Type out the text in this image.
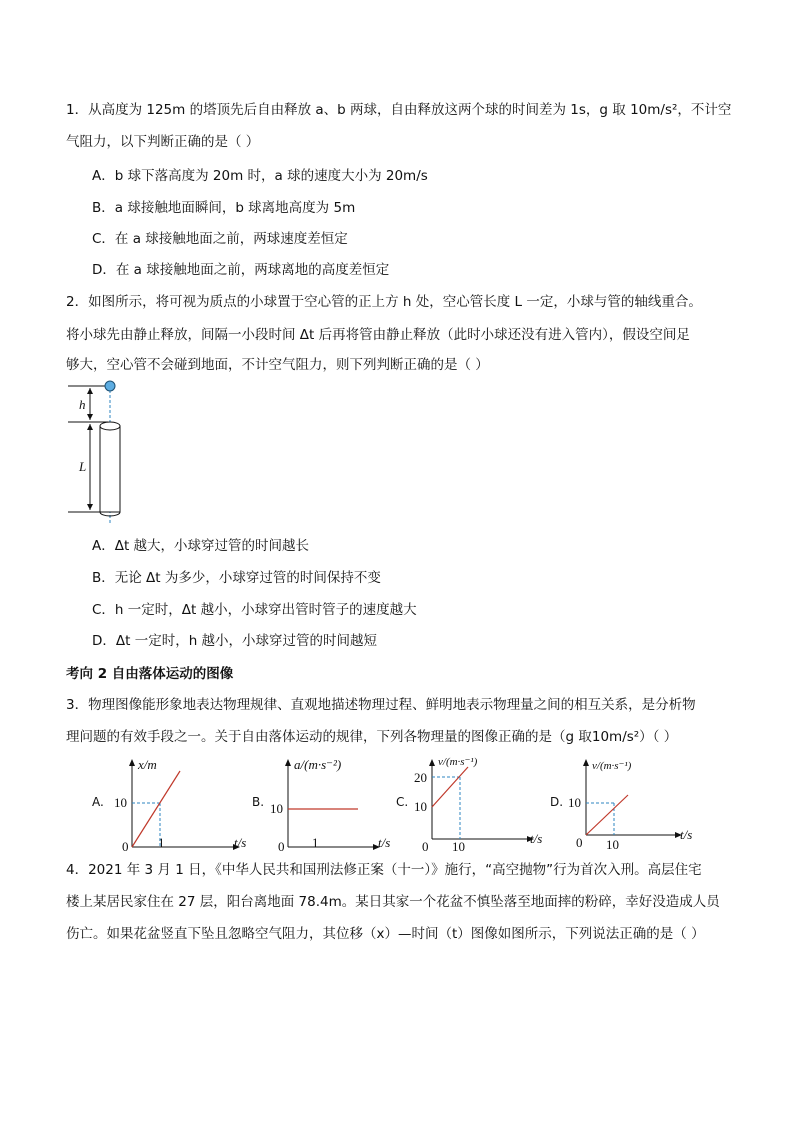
1．从高度为 125m 的塔顶先后自由释放 a、b 两球，自由释放这两个球的时间差为 1s，g 取 10m/s²，不计空
气阻力，以下判断正确的是（ ）
A．b 球下落高度为 20m 时，a 球的速度大小为 20m/s
B．a 球接触地面瞬间，b 球离地高度为 5m
C．在 a 球接触地面之前，两球速度差恒定
D．在 a 球接触地面之前，两球离地的高度差恒定
2．如图所示，将可视为质点的小球置于空心管的正上方 h 处，空心管长度 L 一定，小球与管的轴线重合。
将小球先由静止释放，间隔一小段时间 Δt 后再将管由静止释放（此时小球还没有进入管内），假设空间足
够大，空心管不会碰到地面，不计空气阻力，则下列判断正确的是（ ）
h
L
A．Δt 越大，小球穿过管的时间越长
B．无论 Δt 为多少，小球穿过管的时间保持不变
C．h 一定时，Δt 越小，小球穿出管时管子的速度越大
D．Δt 一定时，h 越小，小球穿过管的时间越短
考向 2 自由落体运动的图像
3．物理图像能形象地表达物理规律、直观地描述物理过程、鲜明地表示物理量之间的相互关系，是分析物
理问题的有效手段之一。关于自由落体运动的规律，下列各物理量的图像正确的是（g 取10m/s²）（ ）
A.
x/m
t/s
0
10
1
B.
a/(m·s⁻²)
t/s
0
10
1
C.
v/(m·s⁻¹)
t/s
0
10
20
10
D.
v/(m·s⁻¹)
t/s
0
10
10
4．2021 年 3 月 1 日，《中华人民共和国刑法修正案（十一）》施行，“高空抛物”行为首次入刑。高层住宅
楼上某居民家住在 27 层，阳台离地面 78.4m。某日其家一个花盆不慎坠落至地面摔的粉碎，幸好没造成人员
伤亡。如果花盆竖直下坠且忽略空气阻力，其位移（x）—时间（t）图像如图所示，下列说法正确的是（ ）
